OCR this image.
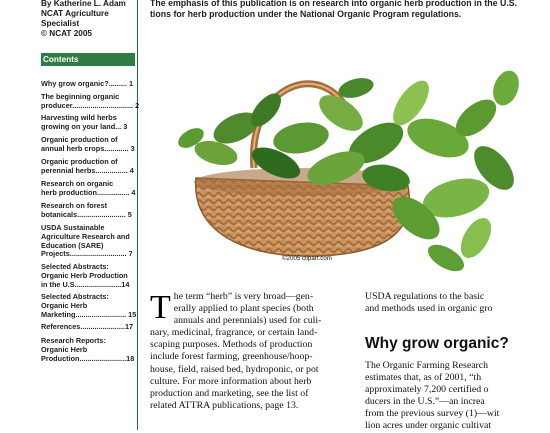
By Katherine L. Adam
NCAT Agriculture
Specialist
© NCAT 2005
Contents
Why grow organic?......... 1
The beginning organic
producer.............................. 2
Harvesting wild herbs
growing on your land... 3
Organic production of
annual herb crops............ 3
Organic production of
perennial herbs................ 4
Research on organic
herb production................ 4
Research on forest
botanicals........................ 5
USDA Sustainable
Agriculture Research and
Education (SARE)
Projects............................ 7
Selected Abstracts:
Organic Herb Production
in the U.S.......................14
Selected Abstracts:
Organic Herb
Marketing......................... 15
References......................17
Research Reports:
Organic Herb
Production.......................18
The emphasis of this publication is on research into organic herb production in the U.S.
tions for herb production under the National Organic Program regulations.
©2005 clipart.com
T he term “herb” is very broad—gen-
erally applied to plant species (both
annuals and perennials) used for culi-
nary, medicinal, fragrance, or certain land-
scaping purposes. Methods of production
include forest farming, greenhouse/hoop-
house, field, raised bed, hydroponic, or pot
culture. For more information about herb
production and marketing, see the list of
related ATTRA publications, page 13.
USDA regulations to the basic
and methods used in organic gro
Why grow organic?
The Organic Farming Research
estimates that, as of 2001, “th
approximately 7,200 certified o
ducers in the U.S.”—an increa
from the previous survey (1)—wit
lion acres under organic cultivat
